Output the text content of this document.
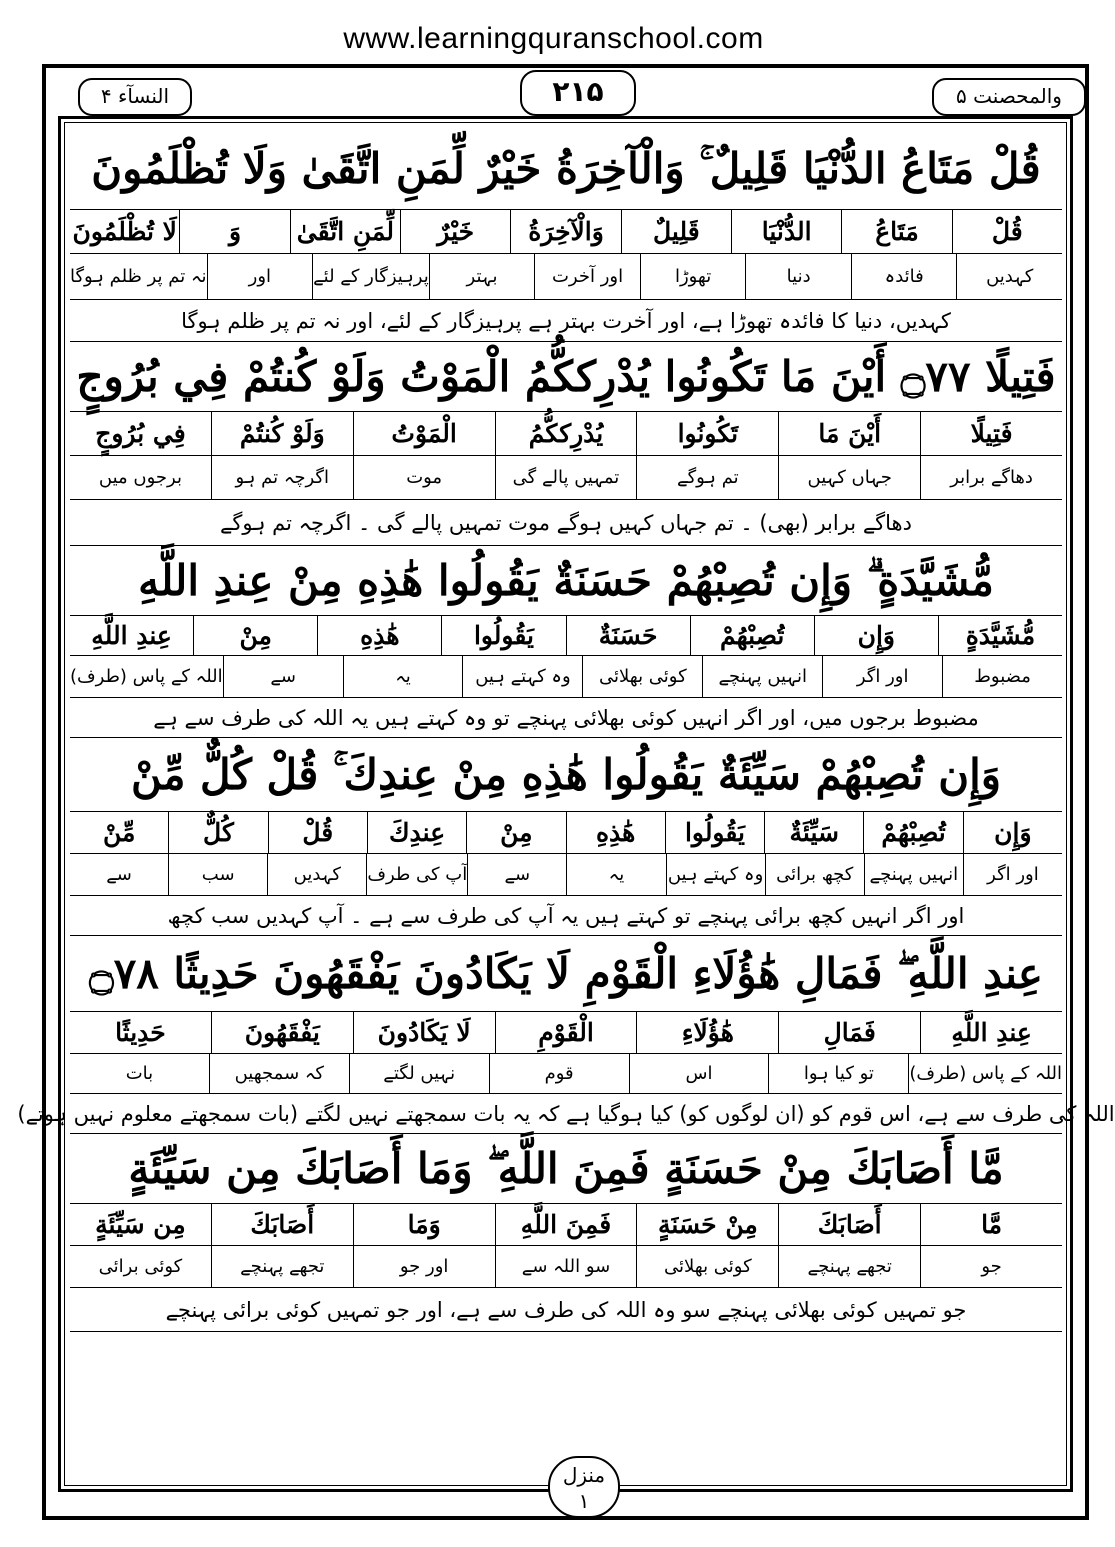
www.learningquranschool.com
والمحصنت ۵
۲۱۵
النسآء ۴
قُلْ مَتَاعُ الدُّنْيَا قَلِيلٌ ۚ وَالْآخِرَةُ خَيْرٌ لِّمَنِ اتَّقَىٰ وَلَا تُظْلَمُونَ
قُلْ
مَتَاعُ
الدُّنْيَا
قَلِيلٌ
وَالْآخِرَةُ
خَيْرٌ
لِّمَنِ اتَّقَىٰ
وَ
لَا تُظْلَمُونَ
کہدیں
فائدہ
دنیا
تھوڑا
اور آخرت
بہتر
پرہیزگار کے لئے
اور
نہ تم پر ظلم ہوگا
کہدیں، دنیا کا فائدہ تھوڑا ہے، اور آخرت بہتر ہے پرہیزگار کے لئے، اور نہ تم پر ظلم ہوگا
فَتِيلًا ۝٧٧ أَيْنَ مَا تَكُونُوا يُدْرِككُّمُ الْمَوْتُ وَلَوْ كُنتُمْ فِي بُرُوجٍ
فَتِيلًا
أَيْنَ مَا
تَكُونُوا
يُدْرِككُّمُ
الْمَوْتُ
وَلَوْ كُنتُمْ
فِي بُرُوجٍ
دھاگے برابر
جہاں کہیں
تم ہوگے
تمہیں پالے گی
موت
اگرچہ تم ہو
برجوں میں
دھاگے برابر (بھی) ۔ تم جہاں کہیں ہوگے موت تمہیں پالے گی ۔ اگرچہ تم ہوگے
مُّشَيَّدَةٍ ۗ وَإِن تُصِبْهُمْ حَسَنَةٌ يَقُولُوا هَٰذِهِ مِنْ عِندِ اللَّهِ
مُّشَيَّدَةٍ
وَإِن
تُصِبْهُمْ
حَسَنَةٌ
يَقُولُوا
هَٰذِهِ
مِنْ
عِندِ اللَّهِ
مضبوط
اور اگر
انہیں پہنچے
کوئی بھلائی
وہ کہتے ہیں
یہ
سے
اللہ کے پاس (طرف)
مضبوط برجوں میں، اور اگر انہیں کوئی بھلائی پہنچے تو وہ کہتے ہیں یہ اللہ کی طرف سے ہے
وَإِن تُصِبْهُمْ سَيِّئَةٌ يَقُولُوا هَٰذِهِ مِنْ عِندِكَ ۚ قُلْ كُلٌّ مِّنْ
وَإِن
تُصِبْهُمْ
سَيِّئَةٌ
يَقُولُوا
هَٰذِهِ
مِنْ
عِندِكَ
قُلْ
كُلٌّ
مِّنْ
اور اگر
انہیں پہنچے
کچھ برائی
وہ کہتے ہیں
یہ
سے
آپ کی طرف
کہدیں
سب
سے
اور اگر انہیں کچھ برائی پہنچے تو کہتے ہیں یہ آپ کی طرف سے ہے ۔ آپ کہدیں سب کچھ
عِندِ اللَّهِ ۖ فَمَالِ هَٰؤُلَاءِ الْقَوْمِ لَا يَكَادُونَ يَفْقَهُونَ حَدِيثًا ۝٧٨
عِندِ اللَّهِ
فَمَالِ
هَٰؤُلَاءِ
الْقَوْمِ
لَا يَكَادُونَ
يَفْقَهُونَ
حَدِيثًا
اللہ کے پاس (طرف)
تو کیا ہوا
اس
قوم
نہیں لگتے
کہ سمجھیں
بات
اللہ کی طرف سے ہے، اس قوم کو (ان لوگوں کو) کیا ہوگیا ہے کہ یہ بات سمجھتے نہیں لگتے (بات سمجھتے معلوم نہیں ہوتے)
مَّا أَصَابَكَ مِنْ حَسَنَةٍ فَمِنَ اللَّهِ ۖ وَمَا أَصَابَكَ مِن سَيِّئَةٍ
مَّا
أَصَابَكَ
مِنْ حَسَنَةٍ
فَمِنَ اللَّهِ
وَمَا
أَصَابَكَ
مِن سَيِّئَةٍ
جو
تجھے پہنچے
کوئی بھلائی
سو اللہ سے
اور جو
تجھے پہنچے
کوئی برائی
جو تمہیں کوئی بھلائی پہنچے سو وہ اللہ کی طرف سے ہے، اور جو تمہیں کوئی برائی پہنچے
منزل
۱
